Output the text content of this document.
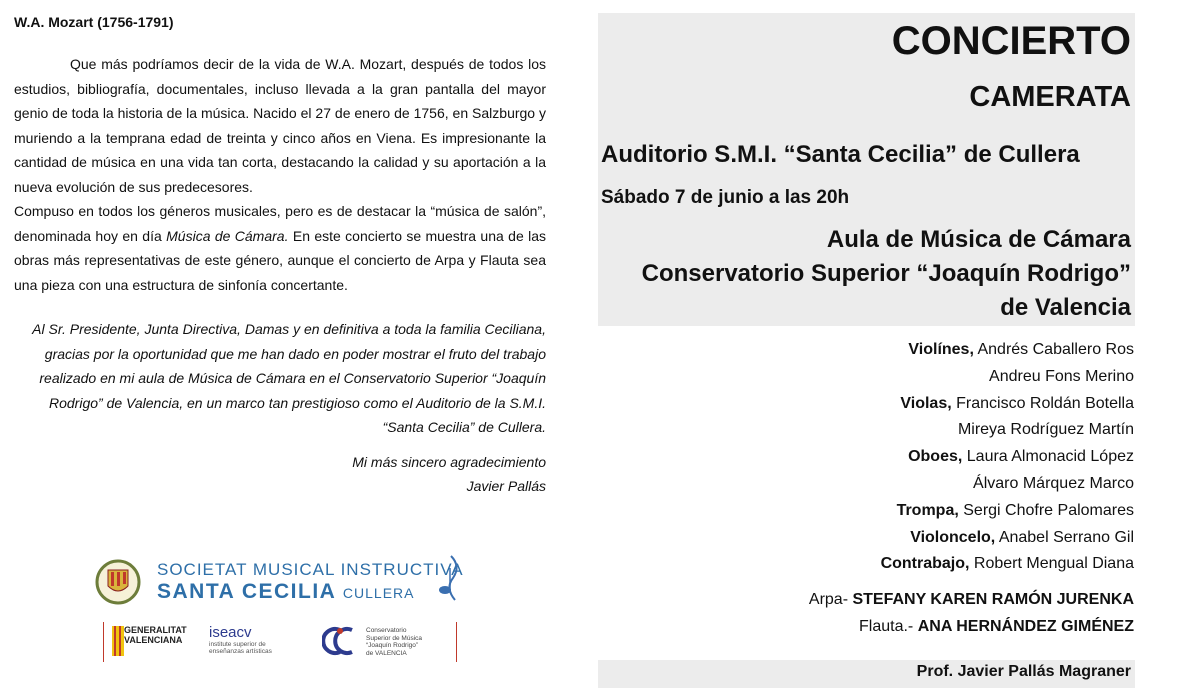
W.A. Mozart (1756-1791)

Que más podríamos decir de la vida de W.A. Mozart, después de todos los estudios, bibliografía, documentales, incluso llevada a la gran pantalla del mayor genio de toda la historia de la música. Nacido el 27 de enero de 1756, en Salzburgo y muriendo a la temprana edad de treinta y cinco años en Viena. Es impresionante la cantidad de música en una vida tan corta, destacando la calidad y su aportación a la nueva evolución de sus predecesores.

Compuso en todos los géneros musicales, pero es de destacar la “música de salón”, denominada hoy en día Música de Cámara. En este concierto se muestra una de las obras más representativas de este género, aunque el concierto de Arpa y Flauta sea una pieza con una estructura de sinfonía concertante.

Al Sr. Presidente, Junta Directiva, Damas y en definitiva a toda la familia Ceciliana, gracias por la oportunidad que me han dado en poder mostrar el fruto del trabajo realizado en mi aula de Música de Cámara en el Conservatorio Superior “Joaquín Rodrigo” de Valencia, en un marco tan prestigioso como el Auditorio de la S.M.I. “Santa Cecilia” de Cullera.
Mi más sincero agradecimiento
Javier Pallás
SOCIETAT MUSICAL INSTRUCTIVA
SANTA CECILIA CULLERA
GENERALITAT
VALENCIANA iseacv
institute superior de
enseñanzas artísticas
Conservatorio
Superior de Música
“Joaquín Rodrigo”
de VALENCIA
CONCIERTO
CAMERATA
Auditorio S.M.I. “Santa Cecilia” de Cullera
Sábado 7 de junio a las 20h
Aula de Música de Cámara
Conservatorio Superior “Joaquín Rodrigo”
de Valencia
Violínes, Andrés Caballero Ros
Andreu Fons Merino
Violas, Francisco Roldán Botella
Mireya Rodríguez Martín
Oboes, Laura Almonacid López
Álvaro Márquez Marco
Trompa, Sergi Chofre Palomares
Violoncelo, Anabel Serrano Gil
Contrabajo, Robert Mengual Diana
Arpa- STEFANY KAREN RAMÓN JURENKA
Flauta.- ANA HERNÁNDEZ GIMÉNEZ
Prof. Javier Pallás Magraner
